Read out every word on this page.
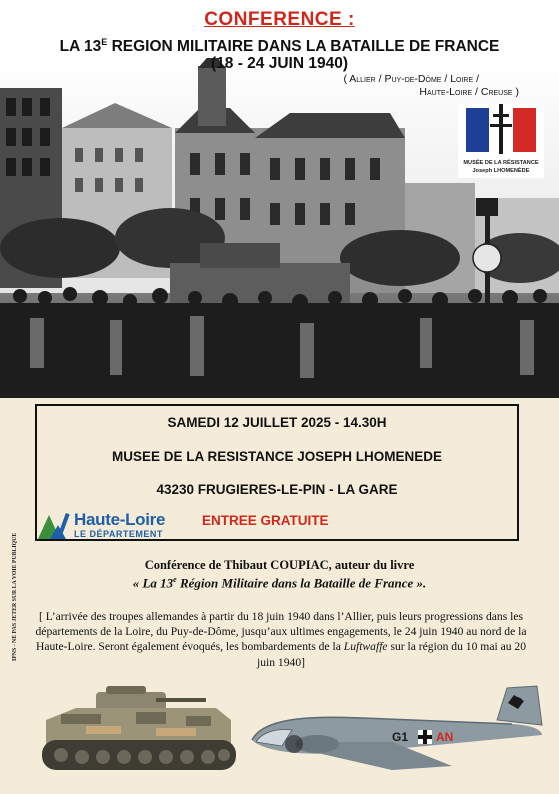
CONFERENCE :
LA $13^E$ REGION MILITAIRE DANS LA BATAILLE DE FRANCE
(18 - 24 JUIN 1940)
( Allier / Puy-de-Dôme / Loire /
Haute-Loire / Creuse )
MUSÉE DE LA RÉSISTANCE
Joseph LHOMENÈDE
SAMEDI 12 JUILLET 2025 - 14.30H
MUSEE DE LA RESISTANCE JOSEPH LHOMENEDE
43230 FRUGIERES-LE-PIN - LA GARE
Haute-Loire
LE DÉPARTEMENT
ENTREE GRATUITE
IPNS - NE PAS JETER SUR LA VOIE PUBLIQUE	Conférence de Thibaut COUPIAC, auteur du livre
« La 13e Région Militaire dans la Bataille de France ».
[ L’arrivée des troupes allemandes à partir du 18 juin 1940 dans l’Allier, puis leurs progressions dans les départements de la Loire, du Puy-de-Dôme, jusqu’aux ultimes engagements, le 24 juin 1940 au nord de la Haute-Loire. Seront également évoqués, les bombardements de la Luftwaffe sur la région du 10 mai au 20 juin 1940]
G1 AN
